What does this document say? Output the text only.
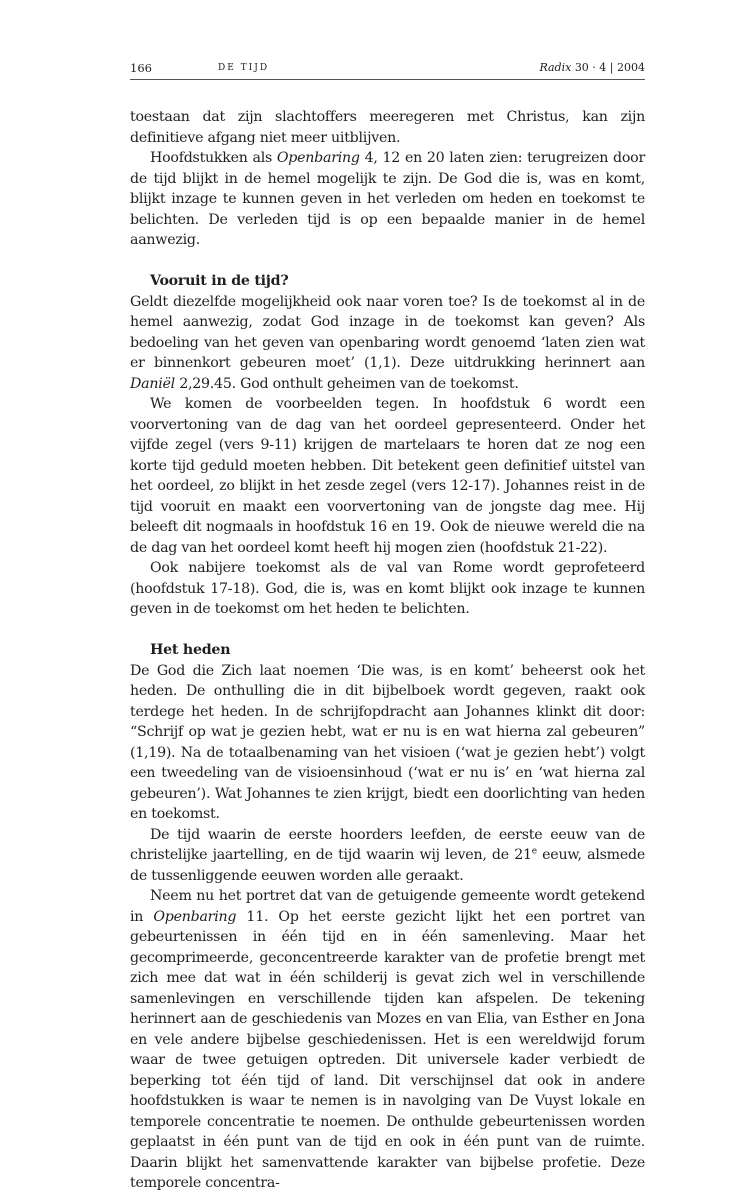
166	DE TIJD	Radix 30 · 4 | 2004

toestaan dat zijn slachtoffers meeregeren met Christus, kan zijn definitieve afgang niet meer uitblijven.

Hoofdstukken als Openbaring 4, 12 en 20 laten zien: terugreizen door de tijd blijkt in de hemel mogelijk te zijn. De God die is, was en komt, blijkt inzage te kunnen geven in het verleden om heden en toekomst te belichten. De verleden tijd is op een bepaalde manier in de hemel aanwezig.

Vooruit in de tijd?

Geldt diezelfde mogelijkheid ook naar voren toe? Is de toekomst al in de hemel aanwezig, zodat God inzage in de toekomst kan geven? Als bedoeling van het geven van openbaring wordt genoemd ‘laten zien wat er binnenkort gebeuren moet’ (1,1). Deze uitdrukking herinnert aan Daniël 2,29.45. God onthult geheimen van de toekomst.

We komen de voorbeelden tegen. In hoofdstuk 6 wordt een voorvertoning van de dag van het oordeel gepresenteerd. Onder het vijfde zegel (vers 9-11) krijgen de martelaars te horen dat ze nog een korte tijd geduld moeten hebben. Dit betekent geen definitief uitstel van het oordeel, zo blijkt in het zesde zegel (vers 12-17). Johannes reist in de tijd vooruit en maakt een voorvertoning van de jongste dag mee. Hij beleeft dit nogmaals in hoofdstuk 16 en 19. Ook de nieuwe wereld die na de dag van het oordeel komt heeft hij mogen zien (hoofdstuk 21-22).

Ook nabijere toekomst als de val van Rome wordt geprofeteerd (hoofdstuk 17-18). God, die is, was en komt blijkt ook inzage te kunnen geven in de toekomst om het heden te belichten.

Het heden

De God die Zich laat noemen ‘Die was, is en komt’ beheerst ook het heden. De onthulling die in dit bijbelboek wordt gegeven, raakt ook terdege het heden. In de schrijfopdracht aan Johannes klinkt dit door: “Schrijf op wat je gezien hebt, wat er nu is en wat hierna zal gebeuren” (1,19). Na de totaalbenaming van het visioen (‘wat je gezien hebt’) volgt een tweedeling van de visioensinhoud (‘wat er nu is’ en ‘wat hierna zal gebeuren’). Wat Johannes te zien krijgt, biedt een doorlichting van heden en toekomst.

De tijd waarin de eerste hoorders leefden, de eerste eeuw van de christelijke jaartelling, en de tijd waarin wij leven, de 21e eeuw, alsmede de tussenliggende eeuwen worden alle geraakt.

Neem nu het portret dat van de getuigende gemeente wordt getekend in Openbaring 11. Op het eerste gezicht lijkt het een portret van gebeurtenissen in één tijd en in één samenleving. Maar het gecomprimeerde, geconcentreerde karakter van de profetie brengt met zich mee dat wat in één schilderij is gevat zich wel in verschillende samenlevingen en verschillende tijden kan afspelen. De tekening herinnert aan de geschiedenis van Mozes en van Elia, van Esther en Jona en vele andere bijbelse geschiedenissen. Het is een wereldwijd forum waar de twee getuigen optreden. Dit universele kader verbiedt de beperking tot één tijd of land. Dit verschijnsel dat ook in andere hoofdstukken is waar te nemen is in navolging van De Vuyst lokale en temporele concentratie te noemen. De onthulde gebeurtenissen worden geplaatst in één punt van de tijd en ook in één punt van de ruimte. Daarin blijkt het samenvattende karakter van bijbelse profetie. Deze temporele concentra-
